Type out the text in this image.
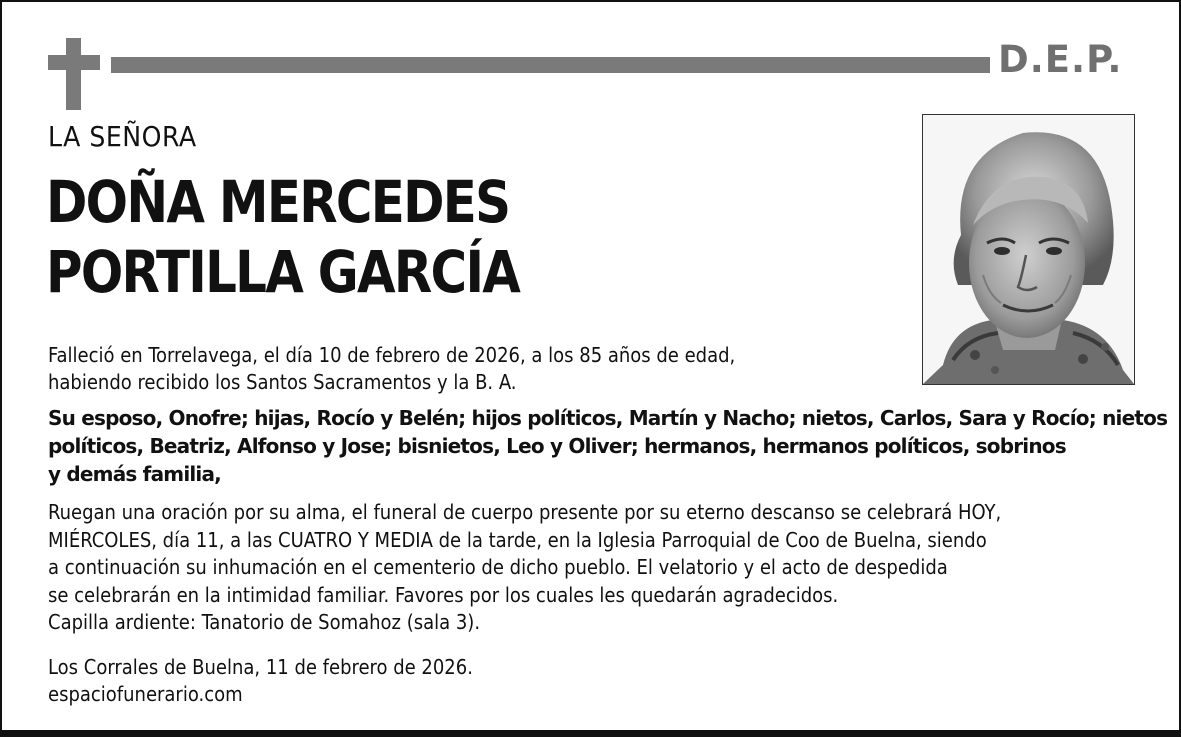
D.E.P.
LA SEÑORA
DOÑA MERCEDES
PORTILLA GARCÍA
Falleció en Torrelavega, el día 10 de febrero de 2026, a los 85 años de edad,
habiendo recibido los Santos Sacramentos y la B. A.
Su esposo, Onofre; hijas, Rocío y Belén; hijos políticos, Martín y Nacho; nietos, Carlos, Sara y Rocío; nietos
políticos, Beatriz, Alfonso y Jose; bisnietos, Leo y Oliver; hermanos, hermanos políticos, sobrinos
y demás familia,
Ruegan una oración por su alma, el funeral de cuerpo presente por su eterno descanso se celebrará HOY,
MIÉRCOLES, día 11, a las CUATRO Y MEDIA de la tarde, en la Iglesia Parroquial de Coo de Buelna, siendo
a continuación su inhumación en el cementerio de dicho pueblo. El velatorio y el acto de despedida
se celebrarán en la intimidad familiar. Favores por los cuales les quedarán agradecidos.
Capilla ardiente: Tanatorio de Somahoz (sala 3).
Los Corrales de Buelna, 11 de febrero de 2026.
espaciofunerario.com
